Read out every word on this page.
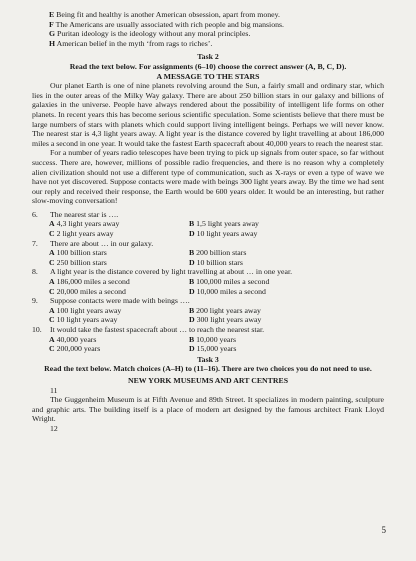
E Being fit and healthy is another American obsession, apart from money.
F The Americans are usually associated with rich people and big mansions.
G Puritan ideology is the ideology without any moral principles.
H American belief in the myth ‘from rags to riches’.
Task 2
Read the text below. For assignments (6–10) choose the correct answer (A, B, C, D).
A MESSAGE TO THE STARS

Our planet Earth is one of nine planets revolving around the Sun, a fairly small and ordinary star, which lies in the outer areas of the Milky Way galaxy. There are about 250 billion stars in our galaxy and billions of galaxies in the universe. People have always rendered about the possibility of intelligent life forms on other planets. In recent years this has become serious scientific speculation. Some scientists believe that there must be large numbers of stars with planets which could support living intelligent beings. Perhaps we will never know. The nearest star is 4,3 light years away. A light year is the distance covered by light travelling at about 186,000 miles a second in one year. It would take the fastest Earth spacecraft about 40,000 years to reach the nearest star.

For a number of years radio telescopes have been trying to pick up signals from outer space, so far without success. There are, however, millions of possible radio frequencies, and there is no reason why a completely alien civilization should not use a different type of communication, such as X-rays or even a type of wave we have not yet discovered. Suppose contacts were made with beings 300 light years away. By the time we had sent our reply and received their response, the Earth would be 600 years older. It would be an interesting, but rather slow-moving conversation!

6.	The nearest star is ….
A 4,3 light years away	B 1,5 light years away
C 2 light years away	D 10 light years away
7.	There are about … in our galaxy.
A 100 billion stars	B 200 billion stars
C 250 billion stars	D 10 billion stars
8.	A light year is the distance covered by light travelling at about … in one year.
A 186,000 miles a second	B 100,000 miles a second
C 20,000 miles a second	D 10,000 miles a second
9.	Suppose contacts were made with beings ….
A 100 light years away	B 200 light years away
C 10 light years away	D 300 light years away
10.	It would take the fastest spacecraft about … to reach the nearest star.
A 40,000 years	B 10,000 years
C 200,000 years	D 15,000 years
Task 3
Read the text below. Match choices (A–H) to (11–16). There are two choices you do not need to use.
NEW YORK MUSEUMS AND ART CENTRES
11

The Guggenheim Museum is at Fifth Avenue and 89th Street. It specializes in modern painting, sculpture and graphic arts. The building itself is a place of modern art designed by the famous architect Frank Lloyd Wright.

12
5
